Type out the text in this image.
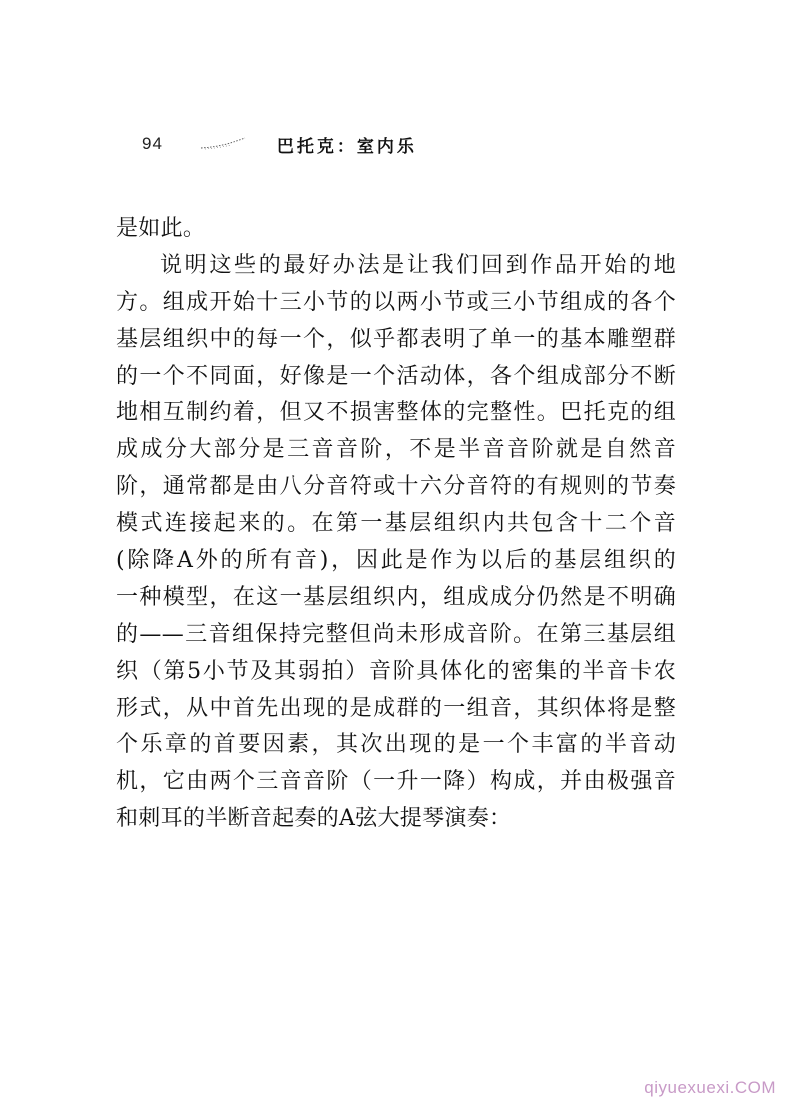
94	巴托克：室内乐
是如此。
说明这些的最好办法是让我们回到作品开始的地
方。组成开始十三小节的以两小节或三小节组成的各个
基层组织中的每一个，似乎都表明了单一的基本雕塑群
的一个不同面，好像是一个活动体，各个组成部分不断
地相互制约着，但又不损害整体的完整性。巴托克的组
成成分大部分是三音音阶，不是半音音阶就是自然音
阶，通常都是由八分音符或十六分音符的有规则的节奏
模式连接起来的。在第一基层组织内共包含十二个音
(除降A外的所有音)，因此是作为以后的基层组织的
一种模型，在这一基层组织内，组成成分仍然是不明确
的——三音组保持完整但尚未形成音阶。在第三基层组
织（第5小节及其弱拍）音阶具体化的密集的半音卡农
形式，从中首先出现的是成群的一组音，其织体将是整
个乐章的首要因素，其次出现的是一个丰富的半音动
机，它由两个三音音阶（一升一降）构成，并由极强音
和刺耳的半断音起奏的A弦大提琴演奏：
qiyuexuexi.COM
